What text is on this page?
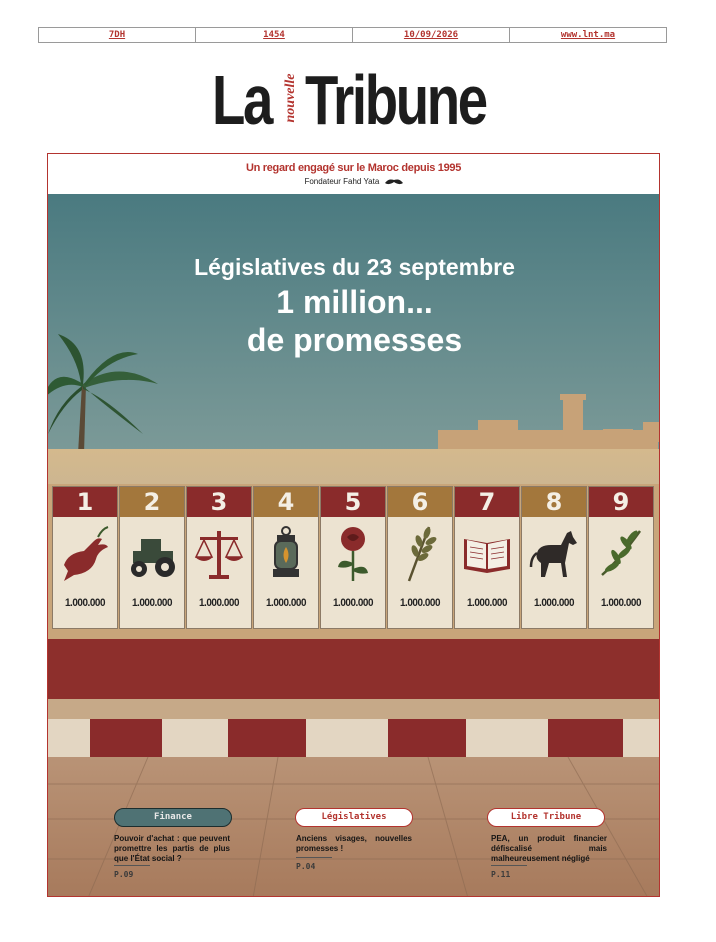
7DH	1454	10/09/2026	www.lnt.ma
La nouvelle Tribune
Un regard engagé sur le Maroc depuis 1995
Fondateur Fahd Yata
Législatives du 23 septembre
1 million...
de promesses
1
1.000.000
2
1.000.000
3
1.000.000
4
1.000.000
5
1.000.000
6
1.000.000
7
1.000.000
8
1.000.000
9
1.000.000
Finance	Législatives	Libre Tribune
Pouvoir d'achat : que peuvent promettre les partis de plus que l'État social ?
Anciens visages, nouvelles promesses !
PEA, un produit financier défiscalisé mais malheureusement négligé
P.09
P.04
P.11
